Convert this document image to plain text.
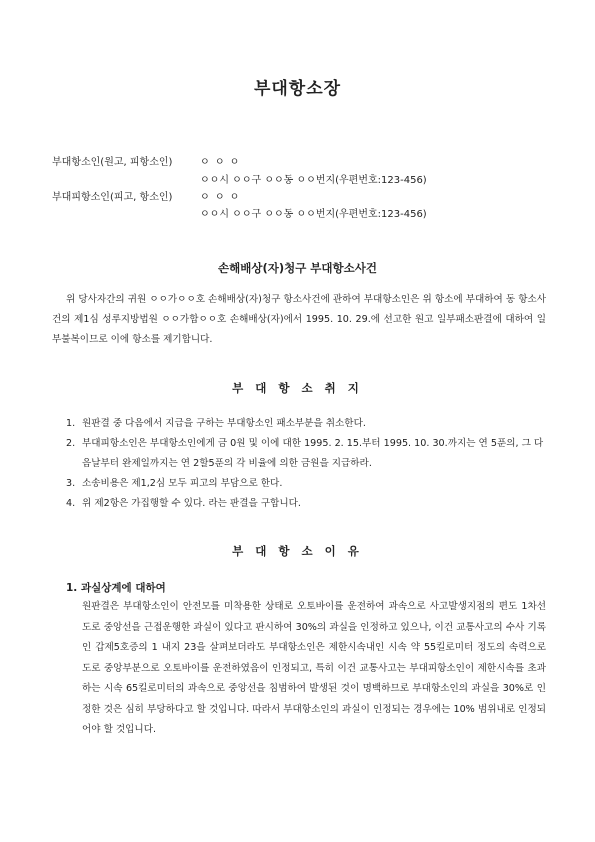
부대항소장
부대항소인(원고, 피항소인)	ㅇ ㅇ ㅇ
ㅇㅇ시 ㅇㅇ구 ㅇㅇ동 ㅇㅇ번지(우편번호:123-456)
부대피항소인(피고, 항소인)	ㅇ ㅇ ㅇ
ㅇㅇ시 ㅇㅇ구 ㅇㅇ동 ㅇㅇ번지(우편번호:123-456)
손해배상(자)청구 부대항소사건

위 당사자간의 귀원 ㅇㅇ가ㅇㅇ호 손해배상(자)청구 항소사건에 관하여 부대항소인은 위 항소에 부대하여 동 항소사건의 제1심 성루지방법원 ㅇㅇ가합ㅇㅇ호 손해배상(자)에서 1995. 10. 29.에 선고한 원고 일부패소판결에 대하여 일부불복이므로 이에 항소를 제기합니다.

부 대 항 소 취 지
1. 원판결 중 다음에서 지급을 구하는 부대항소인 패소부분을 취소한다.
2. 부대피항소인은 부대항소인에게 금 0원 및 이에 대한 1995. 2. 15.부터 1995. 10. 30.까지는 연 5푼의, 그 다음날부터 완제일까지는 연 2할5푼의 각 비율에 의한 금원을 지급하라.
3. 소송비용은 제1,2심 모두 피고의 부담으로 한다.
4. 위 제2항은 가집행할 수 있다. 라는 판결을 구합니다.
부 대 항 소 이 유
1. 과실상계에 대하여
원판결은 부대항소인이 안전모를 미착용한 상태로 오토바이를 운전하여 과속으로 사고발생지점의 편도 1차선 도로 중앙선을 근접운행한 과실이 있다고 판시하여 30%의 과실을 인정하고 있으나, 이건 교통사고의 수사 기록인 갑제5호증의 1 내지 23을 살펴보더라도 부대항소인은 제한시속내인 시속 약 55킬로미터 정도의 속력으로 도로 중앙부분으로 오토바이를 운전하였음이 인정되고, 특히 이건 교통사고는 부대피항소인이 제한시속를 초과하는 시속 65킬로미터의 과속으로 중앙선을 침범하여 발생된 것이 명백하므로 부대항소인의 과실을 30%로 인정한 것은 심히 부당하다고 할 것입니다. 따라서 부대항소인의 과실이 인정되는 경우에는 10% 범위내로 인정되어야 할 것입니다.
